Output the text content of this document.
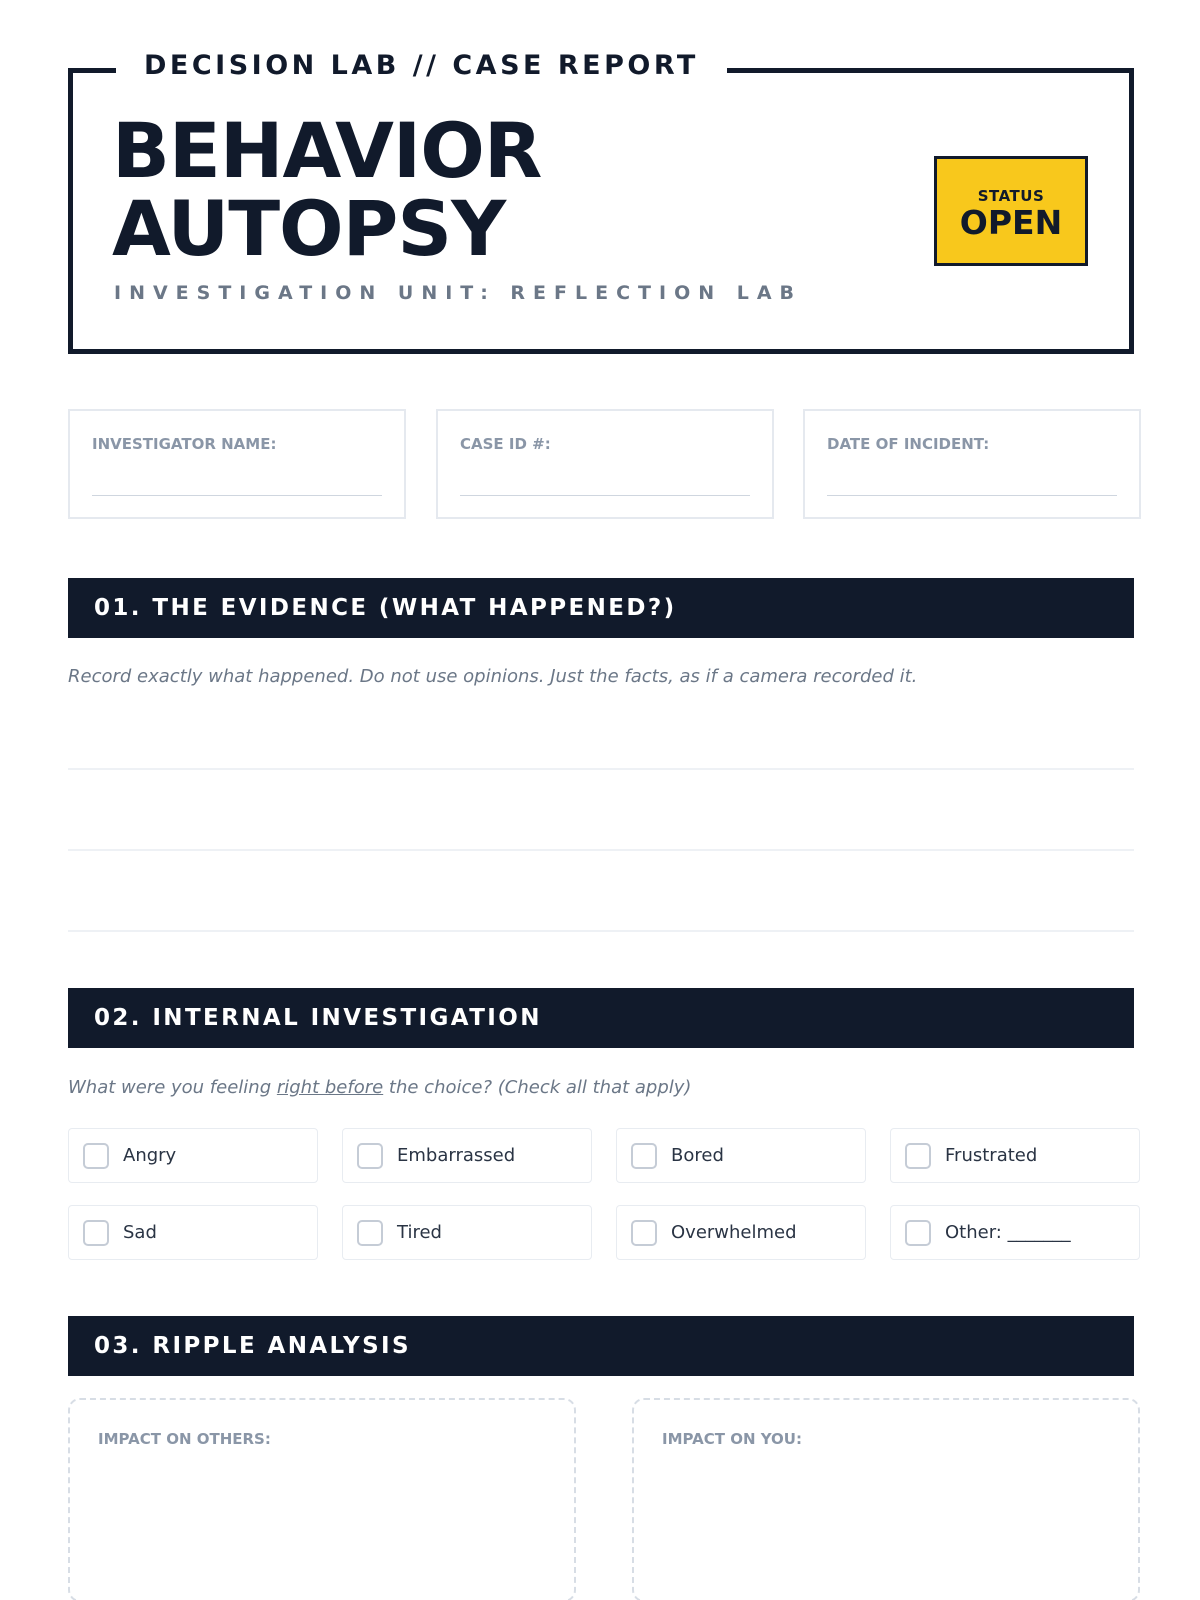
DECISION LAB // CASE REPORT
BEHAVIOR
AUTOPSY
INVESTIGATION UNIT: REFLECTION LAB
STATUS
OPEN
INVESTIGATOR NAME:	CASE ID #:	DATE OF INCIDENT:
01. THE EVIDENCE (WHAT HAPPENED?)
Record exactly what happened. Do not use opinions. Just the facts, as if a camera recorded it.
02. INTERNAL INVESTIGATION
What were you feeling right before the choice? (Check all that apply)
Angry	Embarrassed	Bored	Frustrated
Sad	Tired	Overwhelmed	Other: _______
03. RIPPLE ANALYSIS
IMPACT ON OTHERS:	IMPACT ON YOU:
